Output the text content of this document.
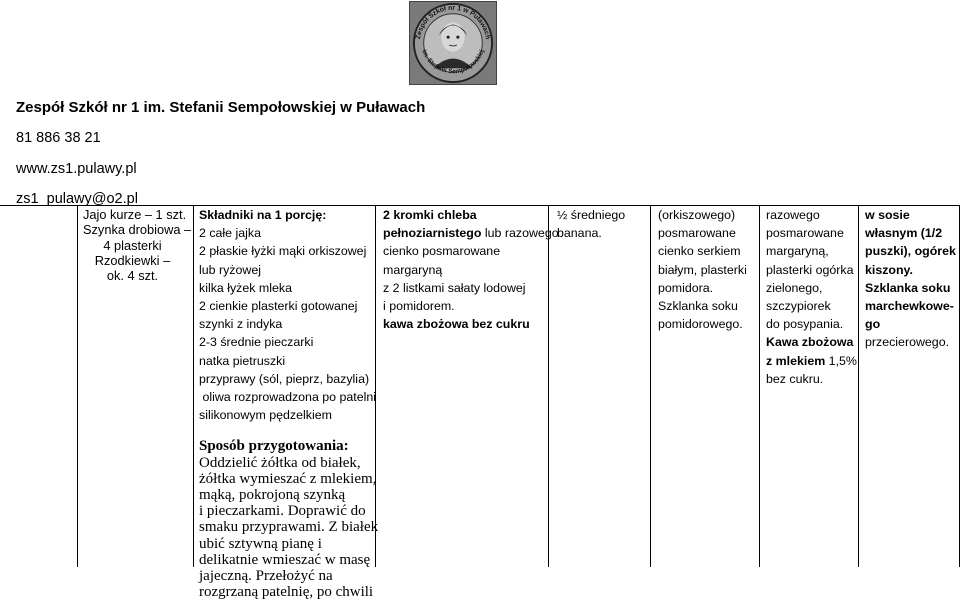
Zespół Szkół nr 1 w Puławach
im. Stefanii Sempołowskiej
Zespół Szkół nr 1 im. Stefanii Sempołowskiej w Puławach
81 886 38 21
www.zs1.pulawy.pl
zs1_pulawy@o2.pl
Jajo kurze – 1 szt.
Szynka drobiowa –
4 plasterki
Rzodkiewki –
ok. 4 szt.
Składniki na 1 porcję:
2 całe jajka
2 płaskie łyżki mąki orkiszowej
lub ryżowej
kilka łyżek mleka
2 cienkie plasterki gotowanej
szynki z indyka
2-3 średnie pieczarki
natka pietruszki
przyprawy (sól, pieprz, bazylia)
oliwa rozprowadzona po patelni
silikonowym pędzelkiem
Sposób przygotowania:
Oddzielić żółtka od białek,
żółtka wymieszać z mlekiem,
mąką, pokrojoną szynką
i pieczarkami. Doprawić do
smaku przyprawami. Z białek
ubić sztywną pianę i
delikatnie wmieszać w masę
jajeczną. Przełożyć na
rozgrzaną patelnię, po chwili
2 kromki chleba
pełnoziarnistego lub razowego
cienko posmarowane
margaryną
z 2 listkami sałaty lodowej
i pomidorem.
kawa zbożowa bez cukru
½ średniego
banana.
(orkiszowego)
posmarowane
cienko serkiem
białym, plasterki
pomidora.
Szklanka soku
pomidorowego.
razowego
posmarowane
margaryną,
plasterki ogórka
zielonego,
szczypiorek
do posypania.
Kawa zbożowa
z mlekiem 1,5%
bez cukru.
w sosie
własnym (1/2
puszki), ogórek
kiszony.
Szklanka soku
marchewkowe-
go
przecierowego.
